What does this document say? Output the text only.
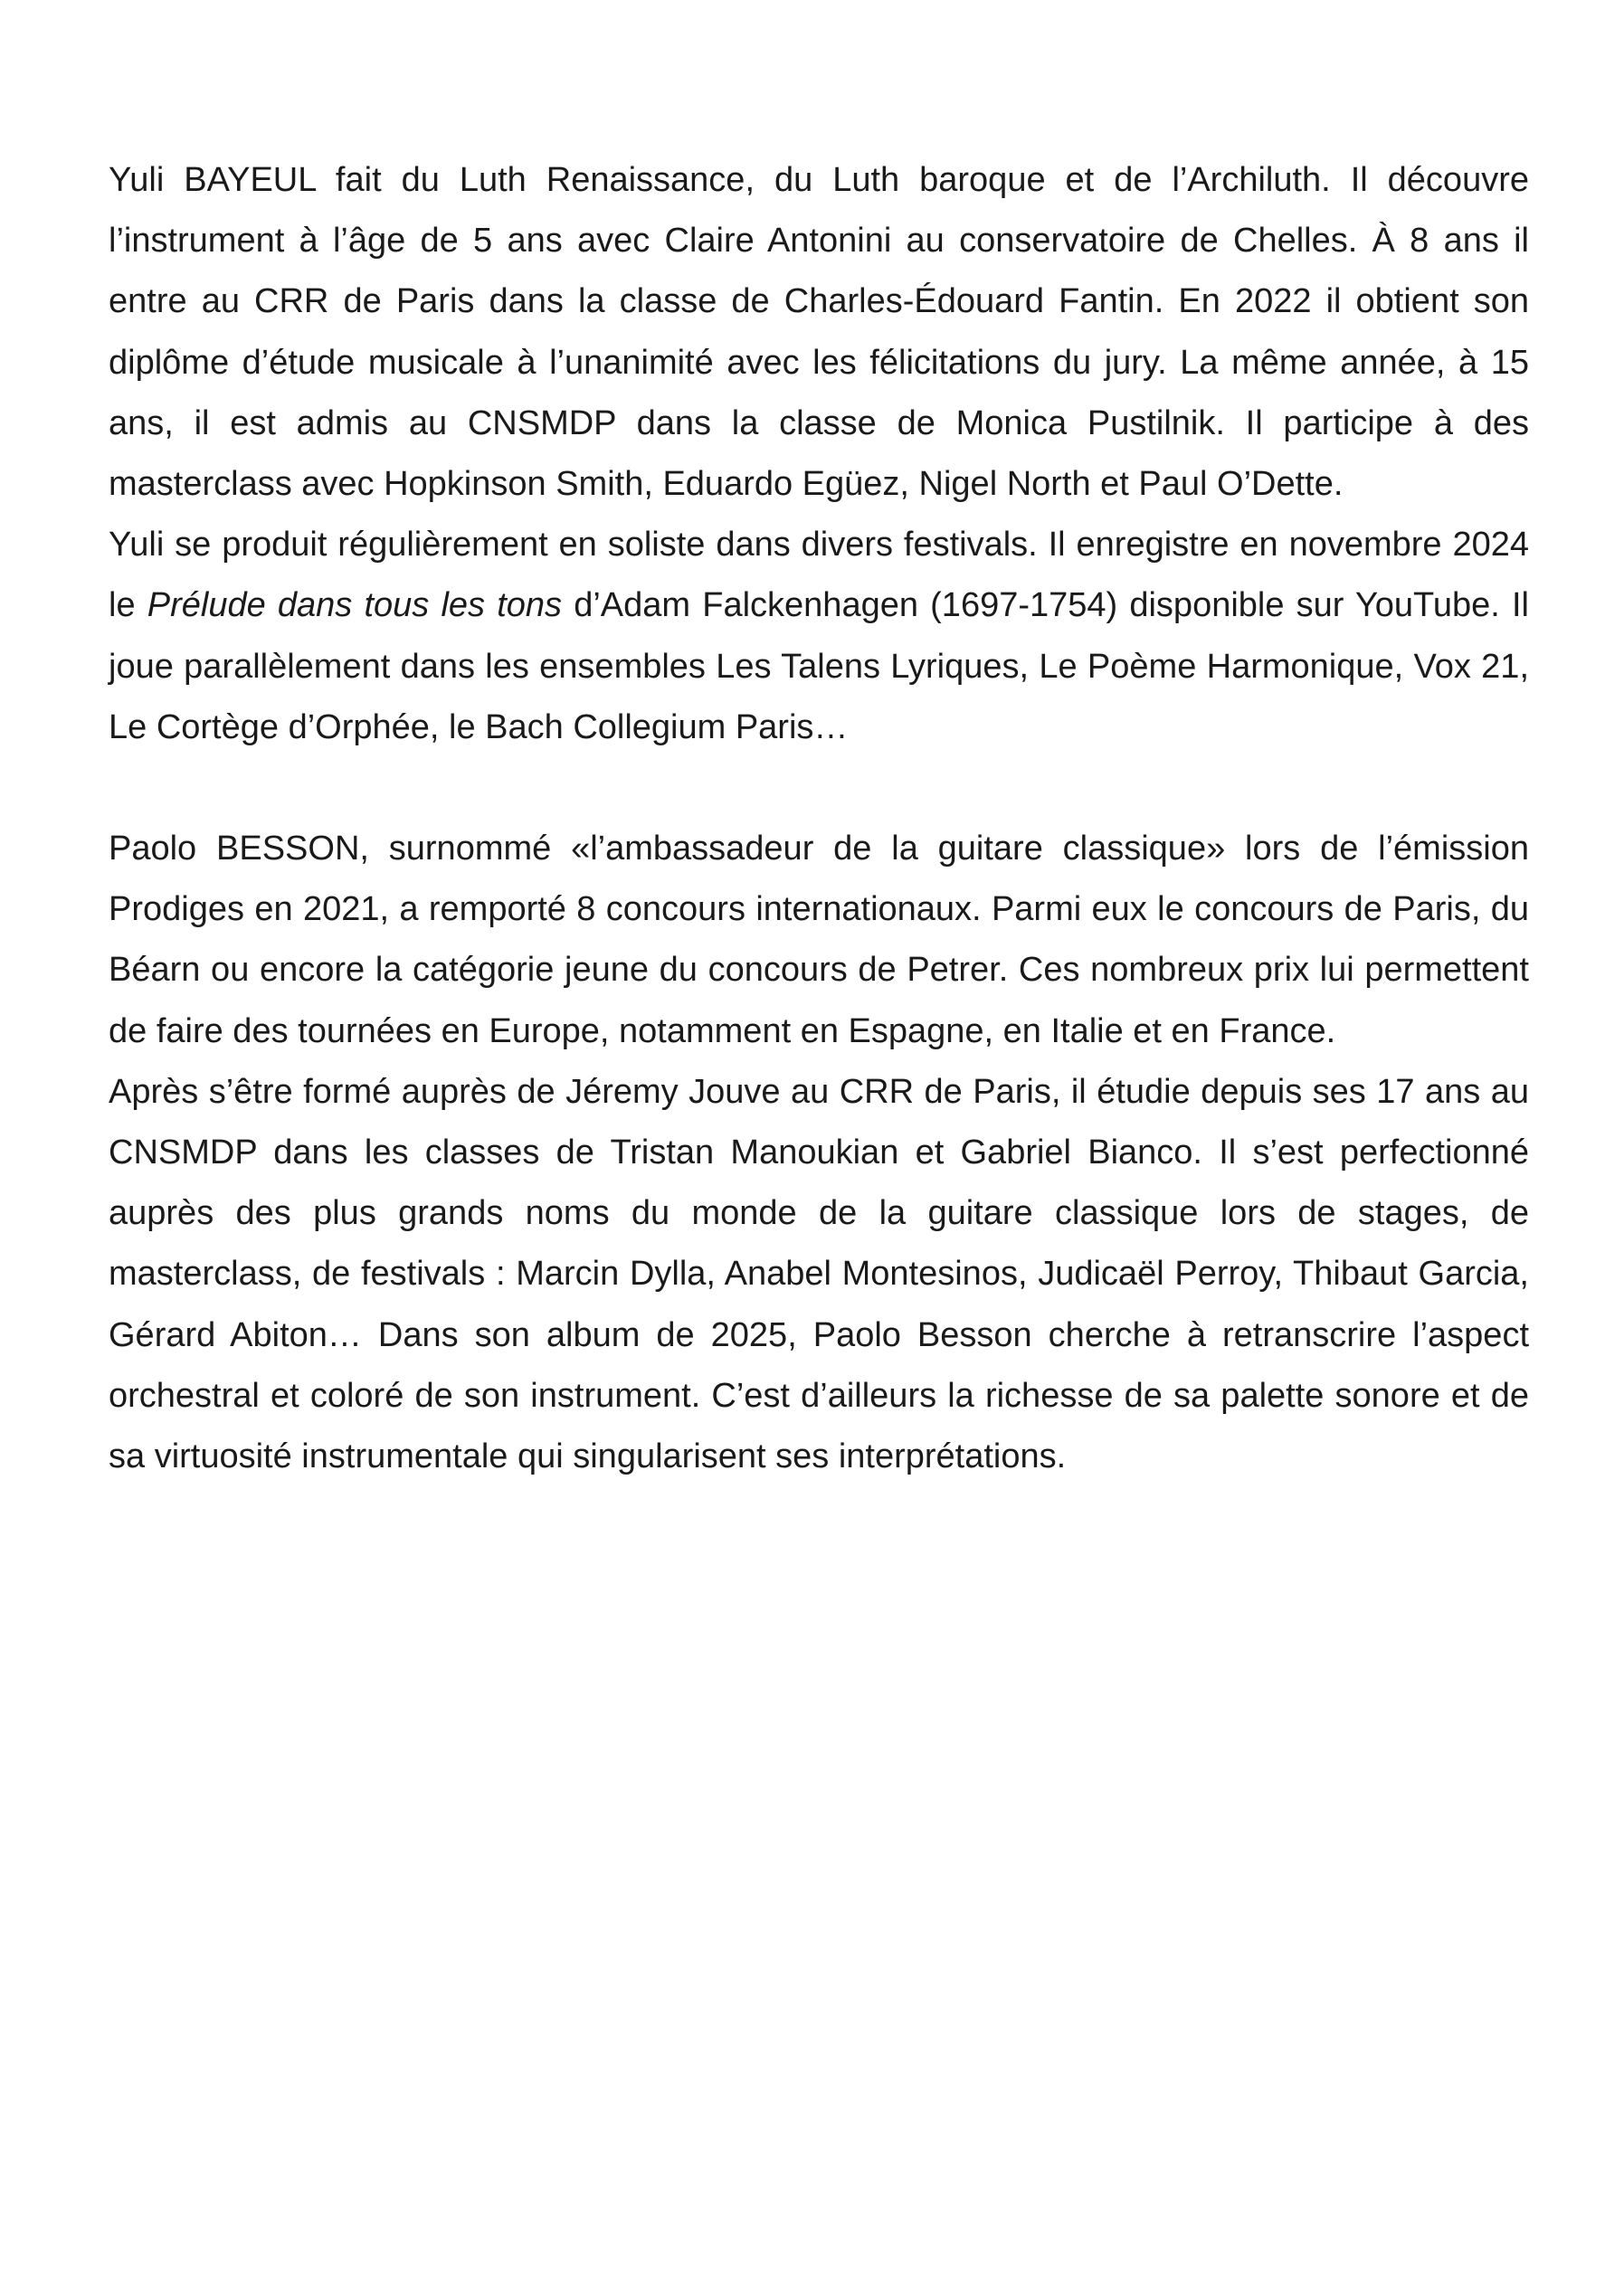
Yuli BAYEUL fait du Luth Renaissance, du Luth baroque et de l’Archiluth. Il découvre l’instrument à l’âge de 5 ans avec Claire Antonini au conservatoire de Chelles. À 8 ans il entre au CRR de Paris dans la classe de Charles-Édouard Fantin. En 2022 il obtient son diplôme d’étude musicale à l’unanimité avec les félicitations du jury. La même année, à 15 ans, il est admis au CNSMDP dans la classe de Monica Pustilnik. Il participe à des masterclass avec Hopkinson Smith, Eduardo Egüez, Nigel North et Paul O’Dette.

Yuli se produit régulièrement en soliste dans divers festivals. Il enregistre en novembre 2024 le Prélude dans tous les tons d’Adam Falckenhagen (1697-1754) disponible sur YouTube. Il joue parallèlement dans les ensembles Les Talens Lyriques, Le Poème Harmonique, Vox 21, Le Cortège d’Orphée, le Bach Collegium Paris…

Paolo BESSON, surnommé «l’ambassadeur de la guitare classique» lors de l’émission Prodiges en 2021, a remporté 8 concours internationaux. Parmi eux le concours de Paris, du Béarn ou encore la catégorie jeune du concours de Petrer. Ces nombreux prix lui permettent de faire des tournées en Europe, notamment en Espagne, en Italie et en France.

Après s’être formé auprès de Jéremy Jouve au CRR de Paris, il étudie depuis ses 17 ans au CNSMDP dans les classes de Tristan Manoukian et Gabriel Bianco. Il s’est perfectionné auprès des plus grands noms du monde de la guitare classique lors de stages, de masterclass, de festivals : Marcin Dylla, Anabel Montesinos, Judicaël Perroy, Thibaut Garcia, Gérard Abiton… Dans son album de 2025, Paolo Besson cherche à retranscrire l’aspect orchestral et coloré de son instrument. C’est d’ailleurs la richesse de sa palette sonore et de sa virtuosité instrumentale qui singularisent ses interprétations.
